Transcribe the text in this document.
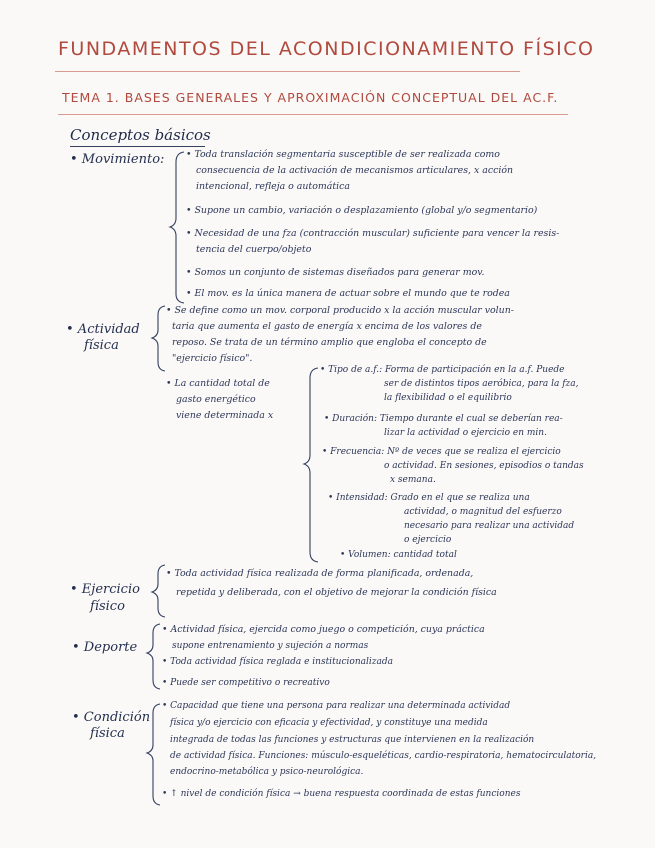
FUNDAMENTOS DEL ACONDICIONAMIENTO FÍSICO
TEMA 1. BASES GENERALES Y APROXIMACIÓN CONCEPTUAL DEL AC.F.
Conceptos básicos
• Movimiento: • Toda translación segmentaria susceptible de ser realizada como
consecuencia de la activación de mecanismos articulares, x acción
intencional, refleja o automática
• Supone un cambio, variación o desplazamiento (global y/o segmentario)
• Necesidad de una fza (contracción muscular) suficiente para vencer la resis-
tencia del cuerpo/objeto
• Somos un conjunto de sistemas diseñados para generar mov.
• El mov. es la única manera de actuar sobre el mundo que te rodea
• Actividad
física
• Se define como un mov. corporal producido x la acción muscular volun-
taria que aumenta el gasto de energía x encima de los valores de
reposo. Se trata de un término amplio que engloba el concepto de
"ejercicio físico".
• La cantidad total de
gasto energético
viene determinada x
• Tipo de a.f.: Forma de participación en la a.f. Puede
ser de distintos tipos aeróbica, para la fza,
la flexibilidad o el equilibrio
• Duración: Tiempo durante el cual se deberían rea-
lizar la actividad o ejercicio en min.
• Frecuencia: Nº de veces que se realiza el ejercicio
o actividad. En sesiones, episodios o tandas
x semana.
• Intensidad: Grado en el que se realiza una
actividad, o magnitud del esfuerzo
necesario para realizar una actividad
o ejercicio
• Volumen: cantidad total
• Ejercicio
físico
• Toda actividad física realizada de forma planificada, ordenada,
repetida y deliberada, con el objetivo de mejorar la condición física
• Deporte
• Actividad física, ejercida como juego o competición, cuya práctica
supone entrenamiento y sujeción a normas
• Toda actividad física reglada e institucionalizada
• Puede ser competitivo o recreativo
• Condición
física
• Capacidad que tiene una persona para realizar una determinada actividad
física y/o ejercicio con eficacia y efectividad, y constituye una medida
integrada de todas las funciones y estructuras que intervienen en la realización
de actividad física. Funciones: músculo-esqueléticas, cardio-respiratoria, hematocirculatoria,
endocrino-metabólica y psico-neurológica.
• ↑ nivel de condición física → buena respuesta coordinada de estas funciones
